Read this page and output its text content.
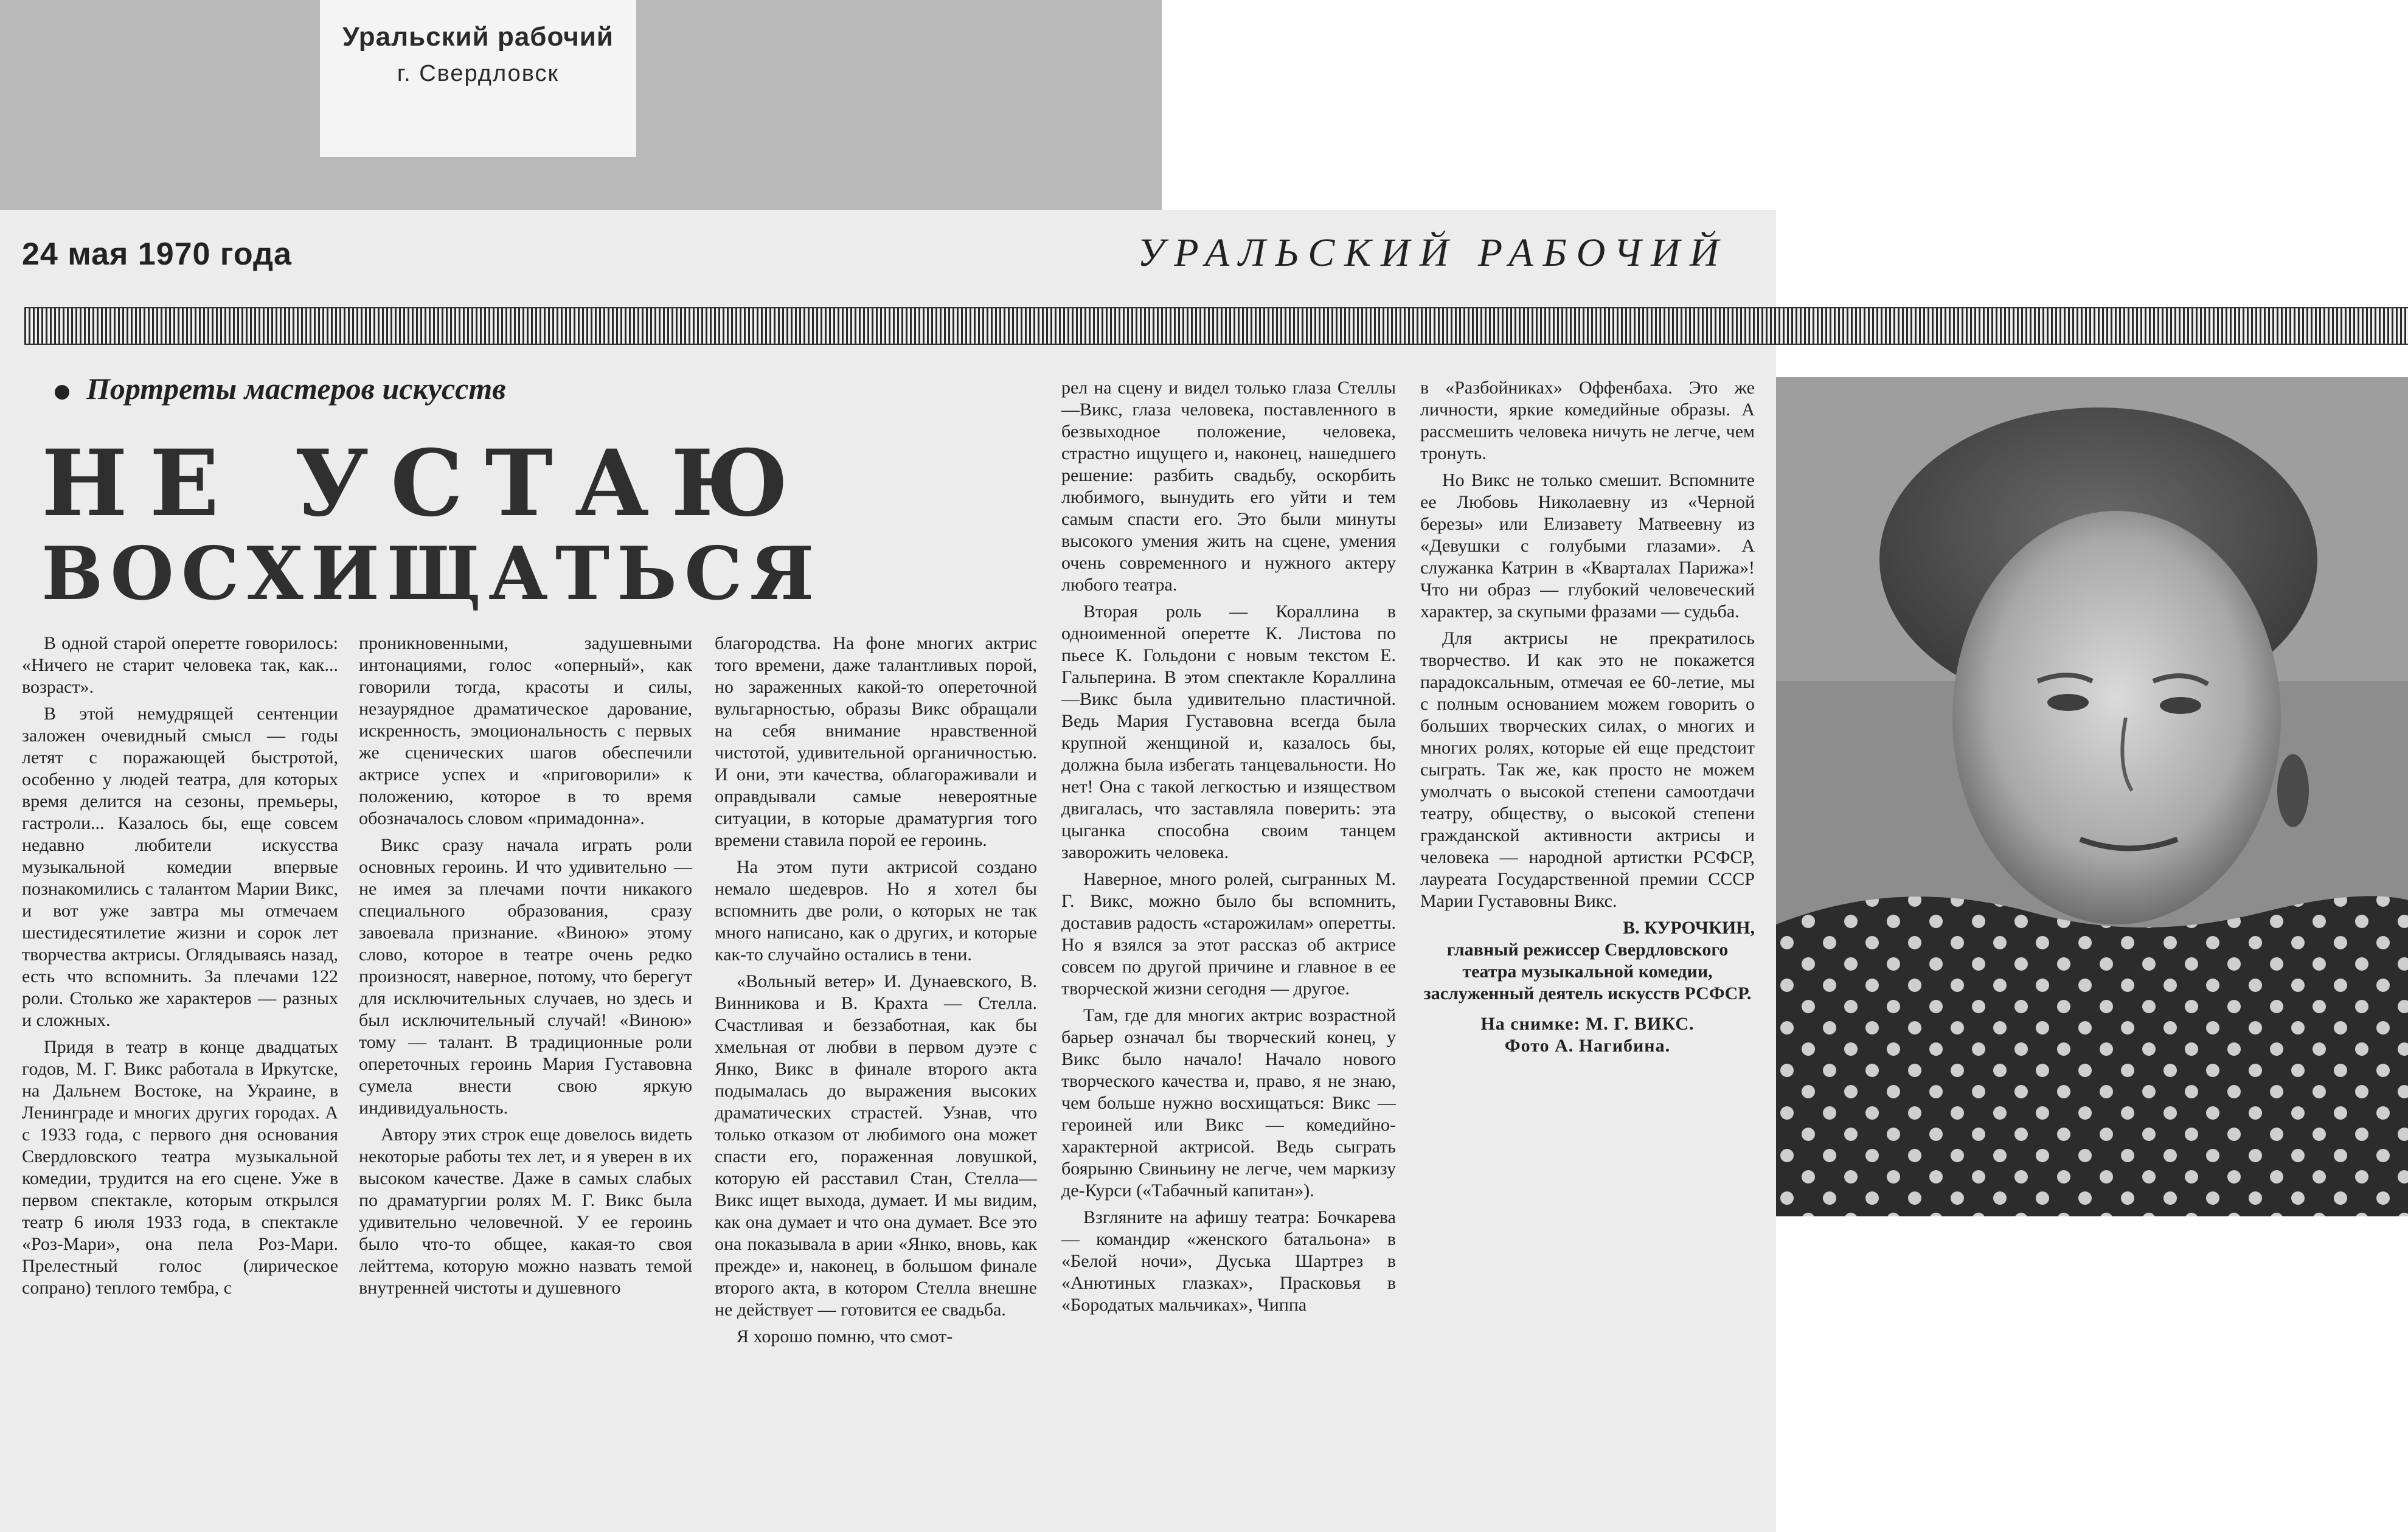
Уральский рабочий
г. Свердловск
24 мая 1970 года	УРАЛЬСКИЙ РАБОЧИЙ
Портреты мастеров искусств
НЕ УСТАЮ
ВОСХИЩАТЬСЯ

В одной старой оперетте говорилось: «Ничего не старит человека так, как... возраст».

В этой немудрящей сентенции заложен очевидный смысл — годы летят с поражающей быстротой, особенно у людей театра, для которых время делится на сезоны, премьеры, гастроли... Казалось бы, еще совсем недавно любители искусства музыкальной комедии впервые познакомились с талантом Марии Викс, и вот уже завтра мы отмечаем шестидесятилетие жизни и сорок лет творчества актрисы. Оглядываясь назад, есть что вспомнить. За плечами 122 роли. Столько же характеров — разных и сложных.

Придя в театр в конце двадцатых годов, М. Г. Викс работала в Иркутске, на Дальнем Востоке, на Украине, в Ленинграде и многих других городах. А с 1933 года, с первого дня основания Свердловского театра музыкальной комедии, трудится на его сцене. Уже в первом спектакле, которым открылся театр 6 июля 1933 года, в спектакле «Роз-Мари», она пела Роз-Мари. Прелестный голос (лирическое сопрано) теплого тембра, с

проникновенными, задушевными интонациями, голос «оперный», как говорили тогда, красоты и силы, незаурядное драматическое дарование, искренность, эмоциональность с первых же сценических шагов обеспечили актрисе успех и «приговорили» к положению, которое в то время обозначалось словом «примадонна».

Викс сразу начала играть роли основных героинь. И что удивительно — не имея за плечами почти никакого специального образования, сразу завоевала признание. «Виною» этому слово, которое в театре очень редко произносят, наверное, потому, что берегут для исключительных случаев, но здесь и был исключительный случай! «Виною» тому — талант. В традиционные роли опереточных героинь Мария Густавовна сумела внести свою яркую индивидуальность.

Автору этих строк еще довелось видеть некоторые работы тех лет, и я уверен в их высоком качестве. Даже в самых слабых по драматургии ролях М. Г. Викс была удивительно человечной. У ее героинь было что-то общее, какая-то своя лейттема, которую можно назвать темой внутренней чистоты и душевного

благородства. На фоне многих актрис того времени, даже талантливых порой, но зараженных какой-то опереточной вульгарностью, образы Викс обращали на себя внимание нравственной чистотой, удивительной органичностью. И они, эти качества, облагораживали и оправдывали самые невероятные ситуации, в которые драматургия того времени ставила порой ее героинь.

На этом пути актрисой создано немало шедевров. Но я хотел бы вспомнить две роли, о которых не так много написано, как о других, и которые как-то случайно остались в тени.

«Вольный ветер» И. Дунаевского, В. Винникова и В. Крахта — Стелла. Счастливая и беззаботная, как бы хмельная от любви в первом дуэте с Янко, Викс в финале второго акта подымалась до выражения высоких драматических страстей. Узнав, что только отказом от любимого она может спасти его, пораженная ловушкой, которую ей расставил Стан, Стелла—Викс ищет выхода, думает. И мы видим, как она думает и что она думает. Все это она показывала в арии «Янко, вновь, как прежде» и, наконец, в большом финале второго акта, в котором Стелла внешне не действует — готовится ее свадьба.

Я хорошо помню, что смот-

рел на сцену и видел только глаза Стеллы—Викс, глаза человека, поставленного в безвыходное положение, человека, страстно ищущего и, наконец, нашедшего решение: разбить свадьбу, оскорбить любимого, вынудить его уйти и тем самым спасти его. Это были минуты высокого умения жить на сцене, умения очень современного и нужного актеру любого театра.

Вторая роль — Кораллина в одноименной оперетте К. Листова по пьесе К. Гольдони с новым текстом Е. Гальперина. В этом спектакле Кораллина—Викс была удивительно пластичной. Ведь Мария Густавовна всегда была крупной женщиной и, казалось бы, должна была избегать танцевальности. Но нет! Она с такой легкостью и изяществом двигалась, что заставляла поверить: эта цыганка способна своим танцем заворожить человека.

Наверное, много ролей, сыгранных М. Г. Викс, можно было бы вспомнить, доставив радость «старожилам» оперетты. Но я взялся за этот рассказ об актрисе совсем по другой причине и главное в ее творческой жизни сегодня — другое.

Там, где для многих актрис возрастной барьер означал бы творческий конец, у Викс было начало! Начало нового творческого качества и, право, я не знаю, чем больше нужно восхищаться: Викс — героиней или Викс — комедийно-характерной актрисой. Ведь сыграть боярыню Свиньину не легче, чем маркизу де-Курси («Табачный капитан»).

Взгляните на афишу театра: Бочкарева — командир «женского батальона» в «Белой ночи», Дуська Шартрез в «Анютиных глазках», Прасковья в «Бородатых мальчиках», Чиппа

в «Разбойниках» Оффенбаха. Это же личности, яркие комедийные образы. А рассмешить человека ничуть не легче, чем тронуть.

Но Викс не только смешит. Вспомните ее Любовь Николаевну из «Черной березы» или Елизавету Матвеевну из «Девушки с голубыми глазами». А служанка Катрин в «Кварталах Парижа»! Что ни образ — глубокий человеческий характер, за скупыми фразами — судьба.

Для актрисы не прекратилось творчество. И как это не покажется парадоксальным, отмечая ее 60-летие, мы с полным основанием можем говорить о больших творческих силах, о многих и многих ролях, которые ей еще предстоит сыграть. Так же, как просто не можем умолчать о высокой степени самоотдачи театру, обществу, о высокой степени гражданской активности актрисы и человека — народной артистки РСФСР, лауреата Государственной премии СССР Марии Густавовны Викс.

В. КУРОЧКИН,
главный режиссер Свердловского театра музыкальной комедии, заслуженный деятель искусств РСФСР.
На снимке: М. Г. ВИКС.
Фото А. Нагибина.
